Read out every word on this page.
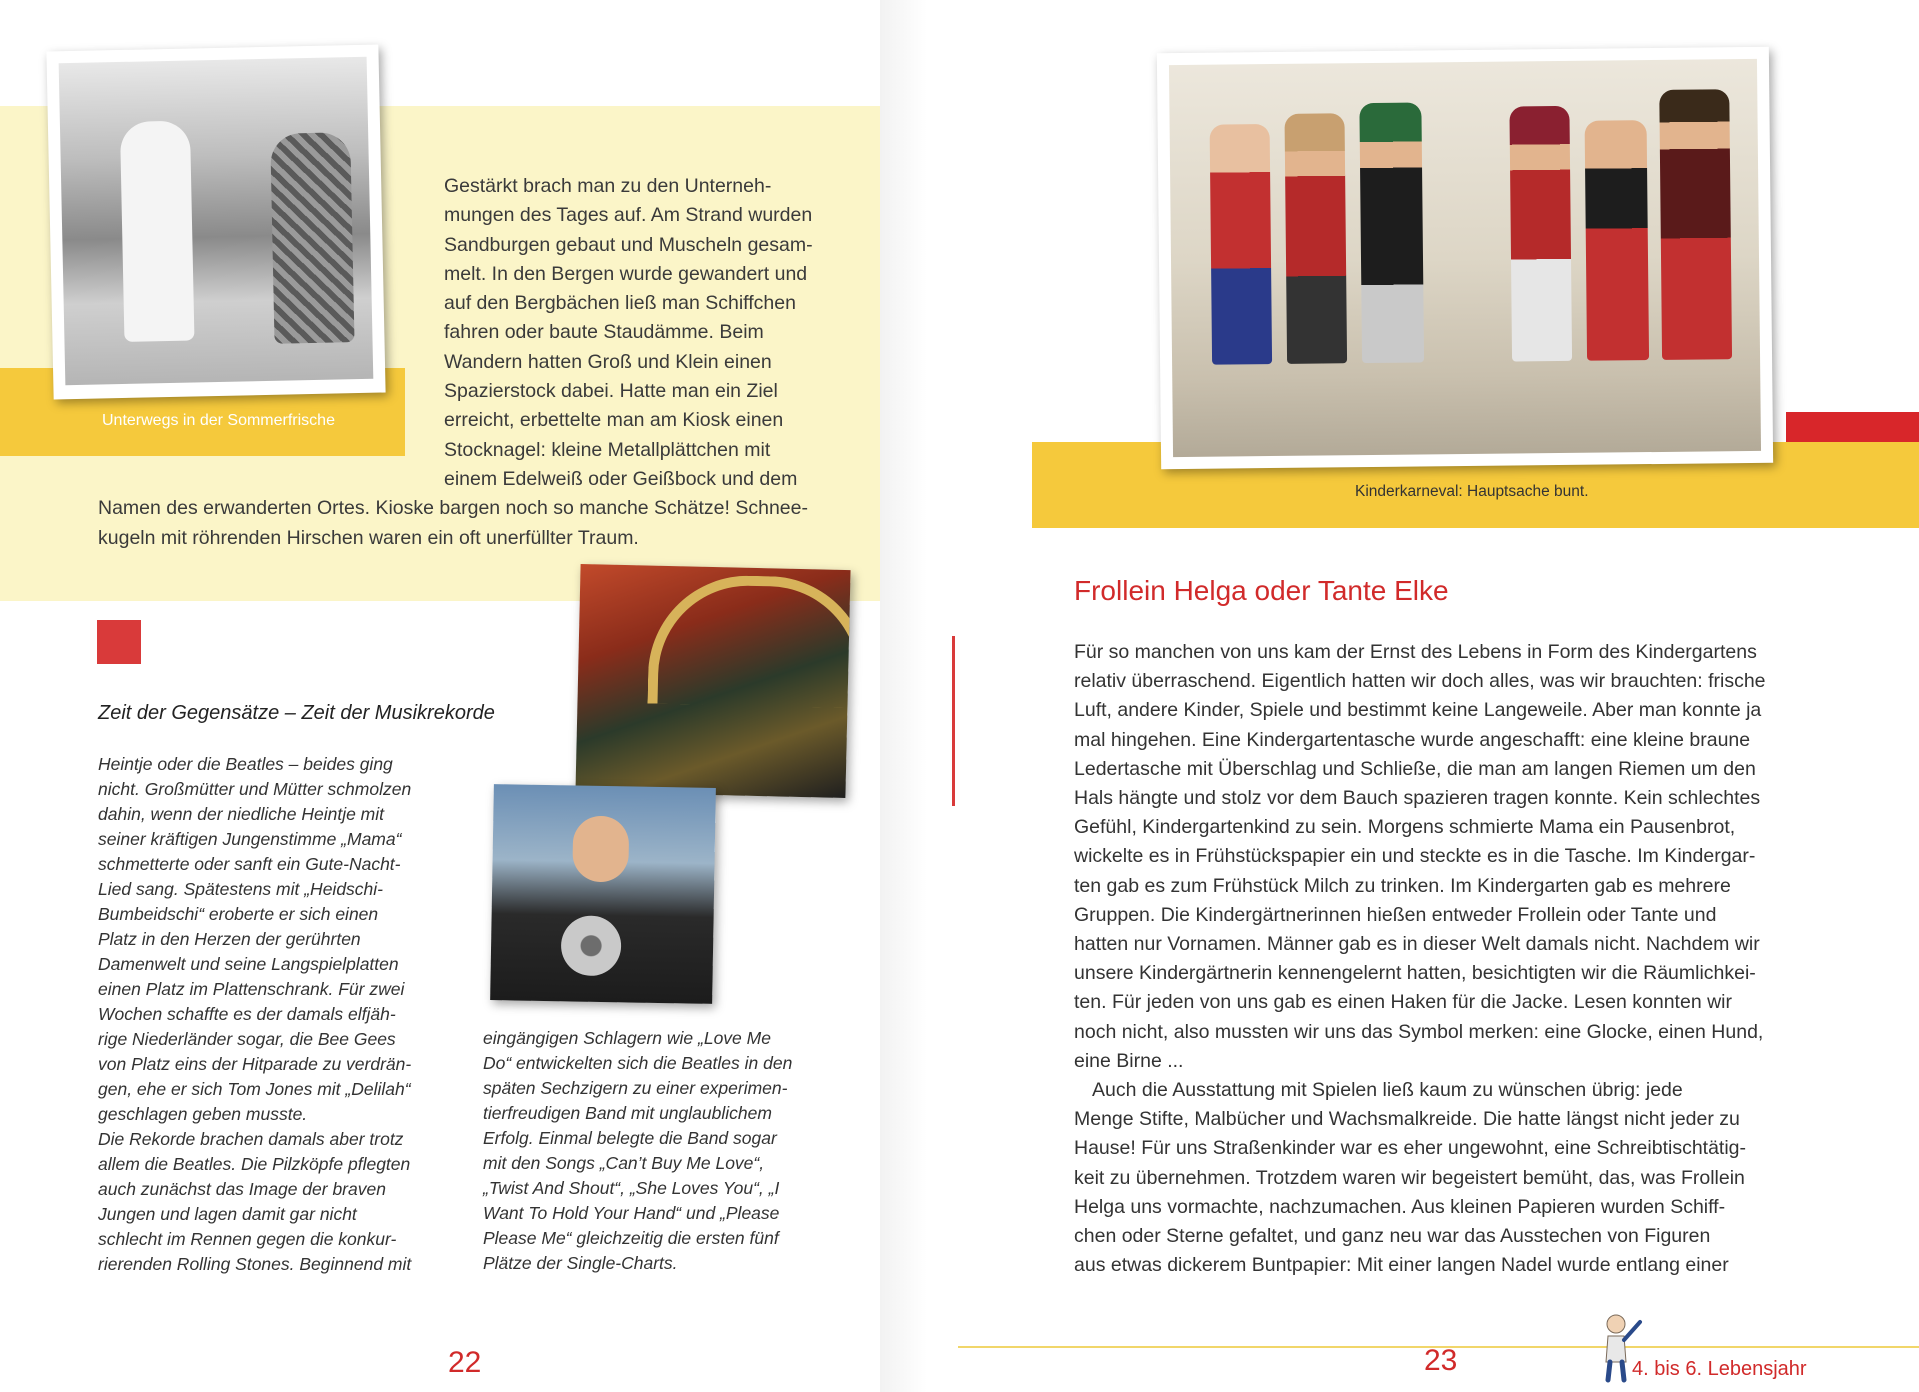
Unterwegs in der Sommerfrische
Gestärkt brach man zu den Unterneh-
mungen des Tages auf. Am Strand wurden
Sandburgen gebaut und Muscheln gesam-
melt. In den Bergen wurde gewandert und
auf den Bergbächen ließ man Schiffchen
fahren oder baute Staudämme. Beim
Wandern hatten Groß und Klein einen
Spazierstock dabei. Hatte man ein Ziel
erreicht, erbettelte man am Kiosk einen
Stocknagel: kleine Metallplättchen mit
einem Edelweiß oder Geißbock und dem
Namen des erwanderten Ortes. Kioske bargen noch so manche Schätze! Schnee-
kugeln mit röhrenden Hirschen waren ein oft unerfüllter Traum.
Zeit der Gegensätze – Zeit der Musikrekorde
Heintje oder die Beatles – beides ging
nicht. Großmütter und Mütter schmolzen
dahin, wenn der niedliche Heintje mit
seiner kräftigen Jungenstimme „Mama“
schmetterte oder sanft ein Gute-Nacht-
Lied sang. Spätestens mit „Heidschi-
Bumbeidschi“ eroberte er sich einen
Platz in den Herzen der gerührten
Damenwelt und seine Langspielplatten
einen Platz im Plattenschrank. Für zwei
Wochen schaffte es der damals elfjäh-
rige Niederländer sogar, die Bee Gees
von Platz eins der Hitparade zu verdrän-
gen, ehe er sich Tom Jones mit „Delilah“
geschlagen geben musste.
Die Rekorde brachen damals aber trotz
allem die Beatles. Die Pilzköpfe pflegten
auch zunächst das Image der braven
Jungen und lagen damit gar nicht
schlecht im Rennen gegen die konkur-
rierenden Rolling Stones. Beginnend mit
eingängigen Schlagern wie „Love Me
Do“ entwickelten sich die Beatles in den
späten Sechzigern zu einer experimen-
tierfreudigen Band mit unglaublichem
Erfolg. Einmal belegte die Band sogar
mit den Songs „Can’t Buy Me Love“,
„Twist And Shout“, „She Loves You“, „I
Want To Hold Your Hand“ und „Please
Please Me“ gleichzeitig die ersten fünf
Plätze der Single-Charts.
22
Kinderkarneval: Hauptsache bunt.
Frollein Helga oder Tante Elke
Für so manchen von uns kam der Ernst des Lebens in Form des Kindergartens
relativ überraschend. Eigentlich hatten wir doch alles, was wir brauchten: frische
Luft, andere Kinder, Spiele und bestimmt keine Langeweile. Aber man konnte ja
mal hingehen. Eine Kindergartentasche wurde angeschafft: eine kleine braune
Ledertasche mit Überschlag und Schließe, die man am langen Riemen um den
Hals hängte und stolz vor dem Bauch spazieren tragen konnte. Kein schlechtes
Gefühl, Kindergartenkind zu sein. Morgens schmierte Mama ein Pausenbrot,
wickelte es in Frühstückspapier ein und steckte es in die Tasche. Im Kindergar-
ten gab es zum Frühstück Milch zu trinken. Im Kindergarten gab es mehrere
Gruppen. Die Kindergärtnerinnen hießen entweder Frollein oder Tante und
hatten nur Vornamen. Männer gab es in dieser Welt damals nicht. Nachdem wir
unsere Kindergärtnerin kennengelernt hatten, besichtigten wir die Räumlichkei-
ten. Für jeden von uns gab es einen Haken für die Jacke. Lesen konnten wir
noch nicht, also mussten wir uns das Symbol merken: eine Glocke, einen Hund,
eine Birne ...
Auch die Ausstattung mit Spielen ließ kaum zu wünschen übrig: jede
Menge Stifte, Malbücher und Wachsmalkreide. Die hatte längst nicht jeder zu
Hause! Für uns Straßenkinder war es eher ungewohnt, eine Schreibtischtätig-
keit zu übernehmen. Trotzdem waren wir begeistert bemüht, das, was Frollein
Helga uns vormachte, nachzumachen. Aus kleinen Papieren wurden Schiff-
chen oder Sterne gefaltet, und ganz neu war das Ausstechen von Figuren
aus etwas dickerem Buntpapier: Mit einer langen Nadel wurde entlang einer
23	4. bis 6. Lebensjahr
